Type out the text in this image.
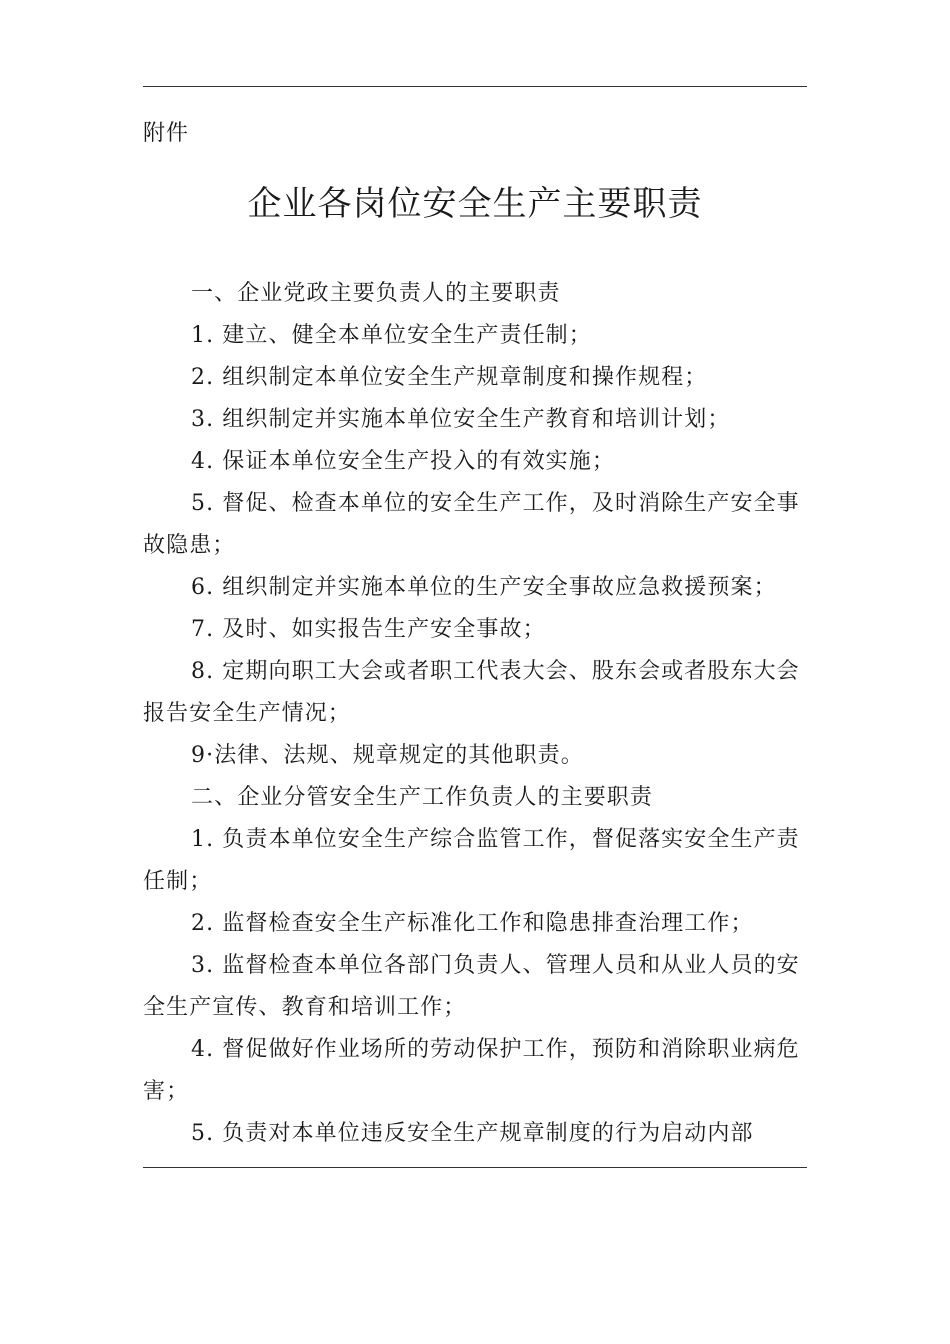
附件
企业各岗位安全生产主要职责

一、企业党政主要负责人的主要职责

1. 建立、健全本单位安全生产责任制；

2. 组织制定本单位安全生产规章制度和操作规程；

3. 组织制定并实施本单位安全生产教育和培训计划；

4. 保证本单位安全生产投入的有效实施；

5. 督促、检查本单位的安全生产工作，及时消除生产安全事故隐患；

6. 组织制定并实施本单位的生产安全事故应急救援预案；

7. 及时、如实报告生产安全事故；

8. 定期向职工大会或者职工代表大会、股东会或者股东大会报告安全生产情况；

9·法律、法规、规章规定的其他职责。

二、企业分管安全生产工作负责人的主要职责

1. 负责本单位安全生产综合监管工作，督促落实安全生产责任制；

2. 监督检查安全生产标准化工作和隐患排查治理工作；

3. 监督检查本单位各部门负责人、管理人员和从业人员的安全生产宣传、教育和培训工作；

4. 督促做好作业场所的劳动保护工作，预防和消除职业病危害；

5. 负责对本单位违反安全生产规章制度的行为启动内部
